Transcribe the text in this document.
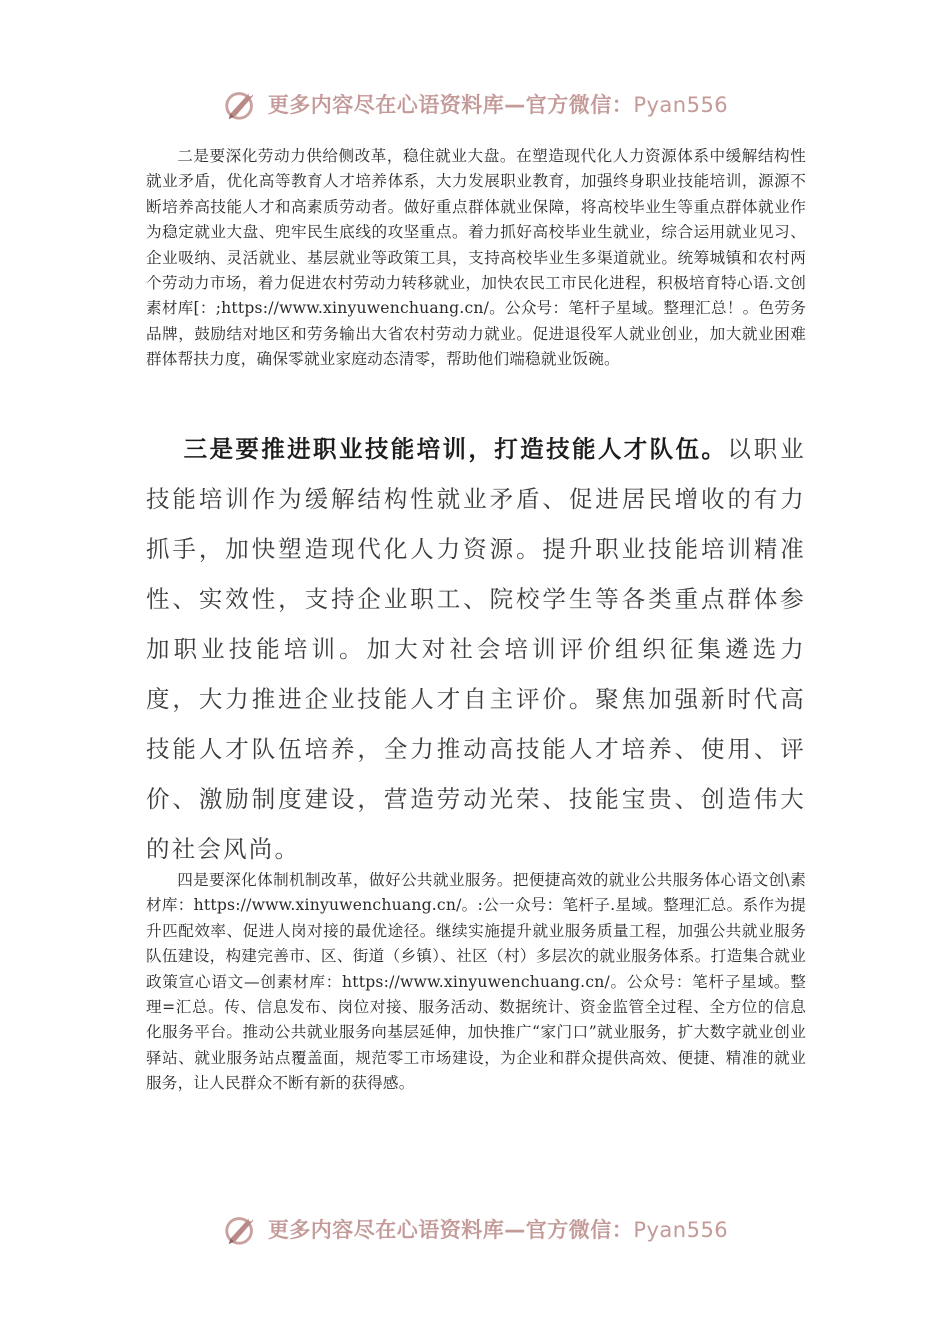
更多内容尽在心语资料库—官方微信：Pyan556

二是要深化劳动力供给侧改革，稳住就业大盘。在塑造现代化人力资源体系中缓解结构性就业矛盾，优化高等教育人才培养体系，大力发展职业教育，加强终身职业技能培训，源源不断培养高技能人才和高素质劳动者。做好重点群体就业保障，将高校毕业生等重点群体就业作为稳定就业大盘、兜牢民生底线的攻坚重点。着力抓好高校毕业生就业，综合运用就业见习、企业吸纳、灵活就业、基层就业等政策工具，支持高校毕业生多渠道就业。统筹城镇和农村两个劳动力市场，着力促进农村劳动力转移就业，加快农民工市民化进程，积极培育特心语.文创素材库[：;https://www.xinyuwenchuang.cn/。公众号：笔杆子星域。整理汇总！。色劳务品牌，鼓励结对地区和劳务输出大省农村劳动力就业。促进退役军人就业创业，加大就业困难群体帮扶力度，确保零就业家庭动态清零，帮助他们端稳就业饭碗。

三是要推进职业技能培训，打造技能人才队伍。以职业技能培训作为缓解结构性就业矛盾、促进居民增收的有力抓手，加快塑造现代化人力资源。提升职业技能培训精准性、实效性，支持企业职工、院校学生等各类重点群体参加职业技能培训。加大对社会培训评价组织征集遴选力度，大力推进企业技能人才自主评价。聚焦加强新时代高技能人才队伍培养，全力推动高技能人才培养、使用、评价、激励制度建设，营造劳动光荣、技能宝贵、创造伟大的社会风尚。

四是要深化体制机制改革，做好公共就业服务。把便捷高效的就业公共服务体心语文创\素材库：https://www.xinyuwenchuang.cn/。:公一众号：笔杆子.星域。整理汇总。系作为提升匹配效率、促进人岗对接的最优途径。继续实施提升就业服务质量工程，加强公共就业服务队伍建设，构建完善市、区、街道（乡镇）、社区（村）多层次的就业服务体系。打造集合就业政策宣心语文—创素材库：https://www.xinyuwenchuang.cn/。公众号：笔杆子星域。整理=汇总。传、信息发布、岗位对接、服务活动、数据统计、资金监管全过程、全方位的信息化服务平台。推动公共就业服务向基层延伸，加快推广“家门口”就业服务，扩大数字就业创业驿站、就业服务站点覆盖面，规范零工市场建设，为企业和群众提供高效、便捷、精准的就业服务，让人民群众不断有新的获得感。

更多内容尽在心语资料库—官方微信：Pyan556
